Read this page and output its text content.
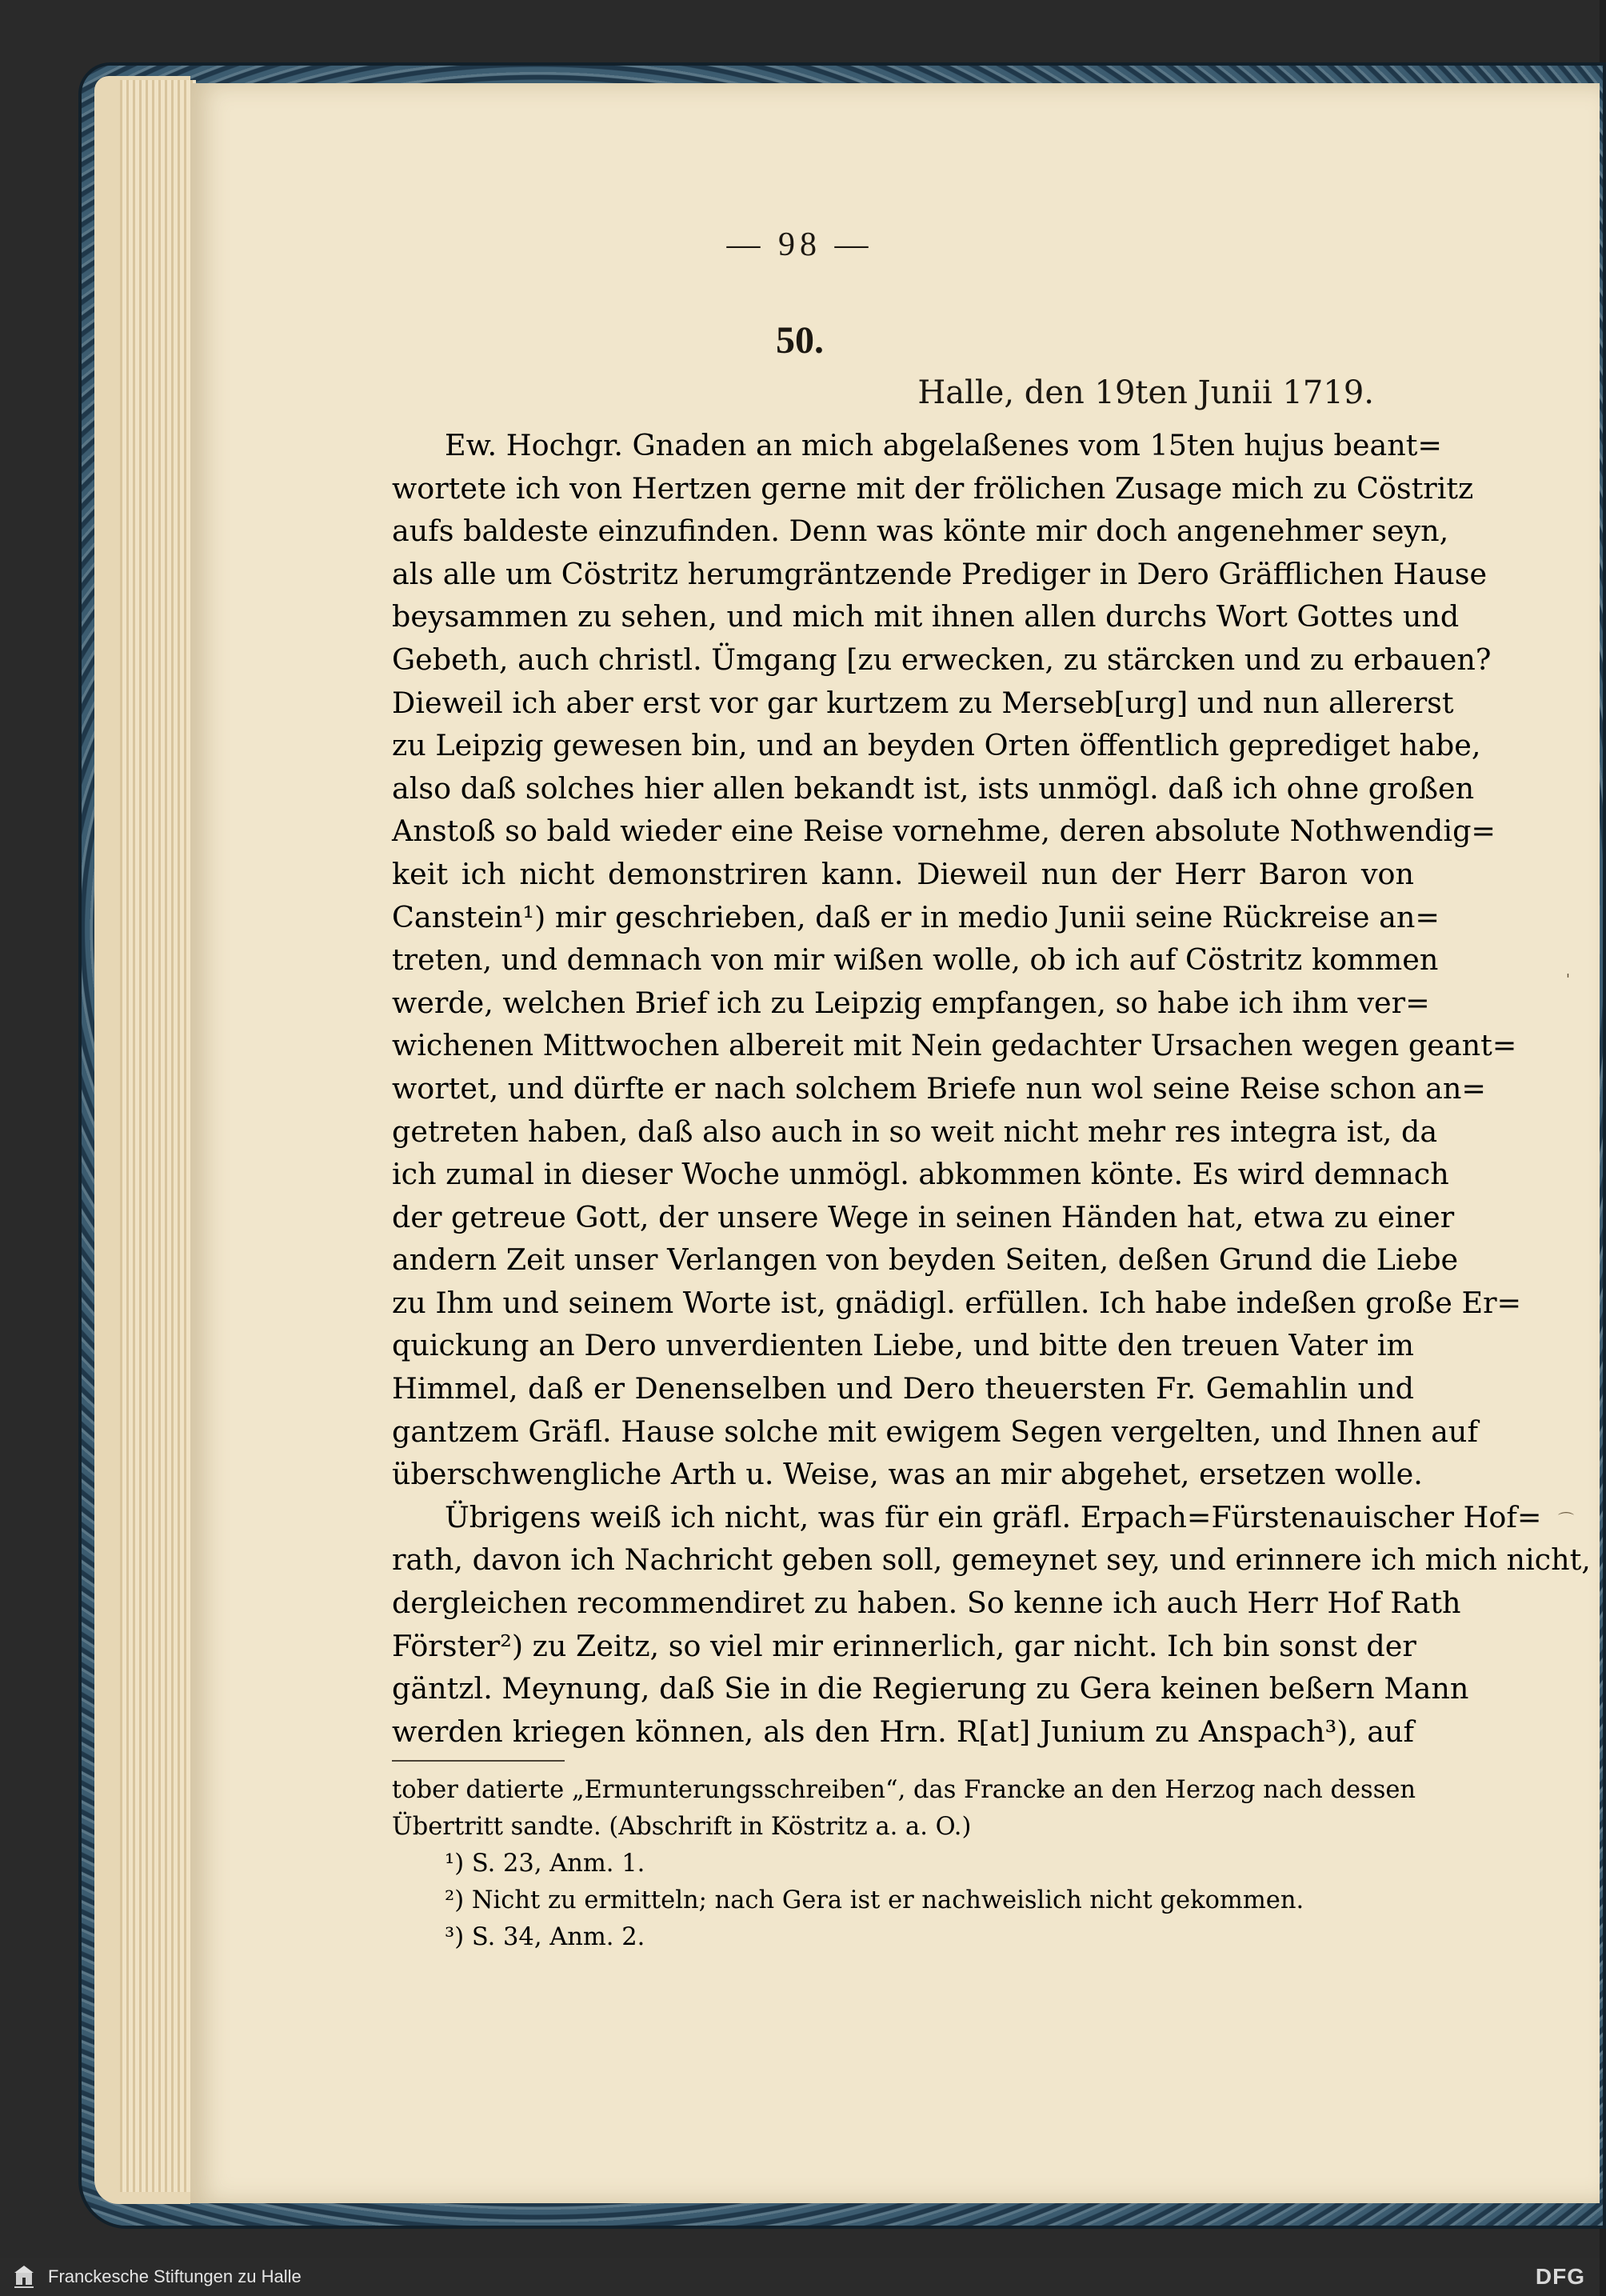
— 98 —
50.
Halle, den 19ten Junii 1719.
Ew. Hochgr. Gnaden an mich abgelaßenes vom 15ten hujus beant=
wortete ich von Hertzen gerne mit der frölichen Zusage mich zu Cöstritz
aufs baldeste einzufinden. Denn was könte mir doch angenehmer seyn,
als alle um Cöstritz herumgräntzende Prediger in Dero Gräfflichen Hause
beysammen zu sehen, und mich mit ihnen allen durchs Wort Gottes und
Gebeth, auch christl. Ümgang [zu erwecken, zu stärcken und zu erbauen?
Dieweil ich aber erst vor gar kurtzem zu Merseb[urg] und nun allererst
zu Leipzig gewesen bin, und an beyden Orten öffentlich geprediget habe,
also daß solches hier allen bekandt ist, ists unmögl. daß ich ohne großen
Anstoß so bald wieder eine Reise vornehme, deren absolute Nothwendig=
keit ich nicht demonstriren kann. Dieweil nun der Herr Baron von
Canstein¹) mir geschrieben, daß er in medio Junii seine Rückreise an=
treten, und demnach von mir wißen wolle, ob ich auf Cöstritz kommen
werde, welchen Brief ich zu Leipzig empfangen, so habe ich ihm ver=
wichenen Mittwochen albereit mit Nein gedachter Ursachen wegen geant=
wortet, und dürfte er nach solchem Briefe nun wol seine Reise schon an=
getreten haben, daß also auch in so weit nicht mehr res integra ist, da
ich zumal in dieser Woche unmögl. abkommen könte. Es wird demnach
der getreue Gott, der unsere Wege in seinen Händen hat, etwa zu einer
andern Zeit unser Verlangen von beyden Seiten, deßen Grund die Liebe
zu Ihm und seinem Worte ist, gnädigl. erfüllen. Ich habe indeßen große Er=
quickung an Dero unverdienten Liebe, und bitte den treuen Vater im
Himmel, daß er Denenselben und Dero theuersten Fr. Gemahlin und
gantzem Gräfl. Hause solche mit ewigem Segen vergelten, und Ihnen auf
überschwengliche Arth u. Weise, was an mir abgehet, ersetzen wolle.
Übrigens weiß ich nicht, was für ein gräfl. Erpach=Fürstenauischer Hof=
rath, davon ich Nachricht geben soll, gemeynet sey, und erinnere ich mich nicht,
dergleichen recommendiret zu haben. So kenne ich auch Herr Hof Rath
Förster²) zu Zeitz, so viel mir erinnerlich, gar nicht. Ich bin sonst der
gäntzl. Meynung, daß Sie in die Regierung zu Gera keinen beßern Mann
werden kriegen können, als den Hrn. R[at] Junium zu Anspach³), auf
tober datierte „Ermunterungsschreiben“, das Francke an den Herzog nach dessen
Übertritt sandte. (Abschrift in Köstritz a. a. O.)
¹) S. 23, Anm. 1.
²) Nicht zu ermitteln; nach Gera ist er nachweislich nicht gekommen.
³) S. 34, Anm. 2.
'
⌒
Franckesche Stiftungen zu Halle	DFG
